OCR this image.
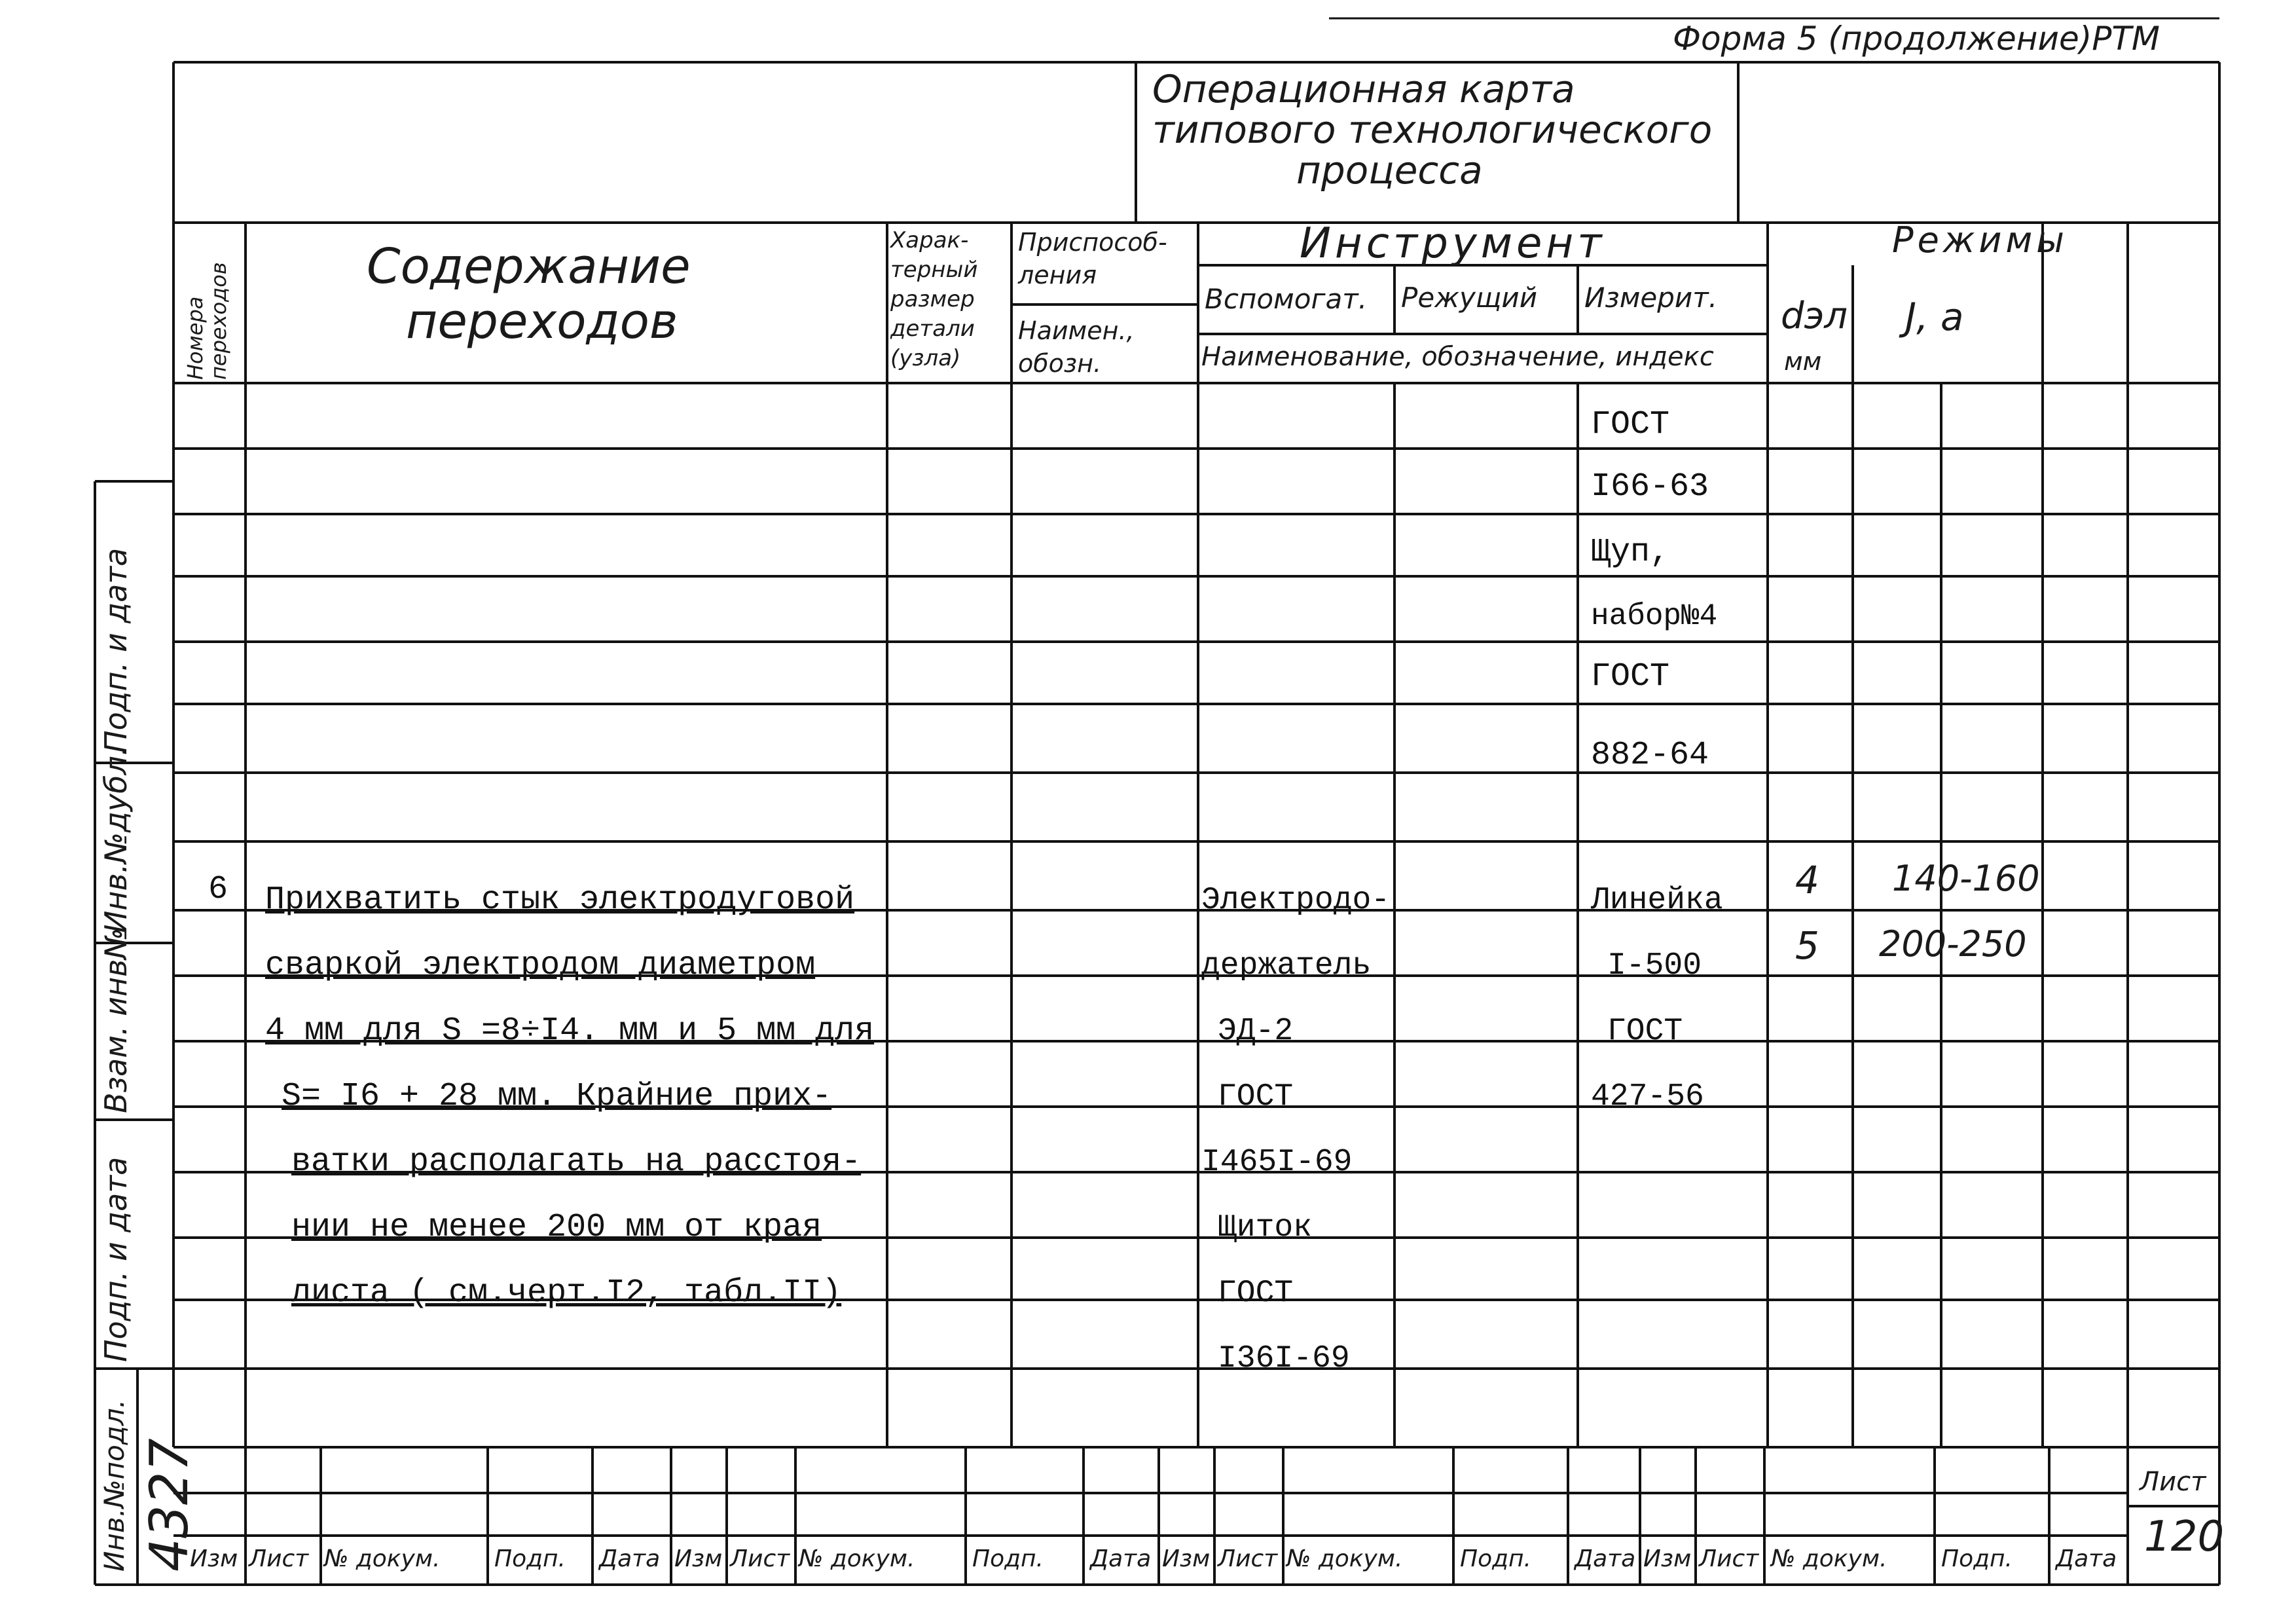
Форма 5 (продолжение)РТМ
Операционная карта
типового технологического
процесса
Номера переходов	Содержание
переходов
Харак-
терный
размер
детали
(узла)
Приспособ-
ления
Наимен.,
обозн.
Инструмент
Вспомогат. Режущий Измерит.
Наименование, обозначение, индекс
Режимы
dэл
мм
J, а
ГОСТ
I66-63
Щуп,
набор№4
ГОСТ
882-64
6 Прихватить стык электродуговой
сваркой электродом диаметром
4 мм для S =8÷I4. мм и 5 мм для
S= I6 + 28 мм. Крайние прих-
ватки располагать на расстоя-
нии не менее 200 мм от края
листа ( см.черт.I2, табл.II)
Электродо-
держатель
ЭД-2
ГОСТ
I465I-69
Щиток
ГОСТ
I36I-69
Линейка
I-500
ГОСТ
427-56
4
5
140-160
200-250
Подп. и дата
Инв.№дубл.
Взам. инв№
Подп. и дата
Инв.№подл. 4327
Изм Лист № докум. Подп. Дата Изм Лист № докум. Подп. Дата Изм Лист № докум. Подп. Дата Изм Лист № докум. Подп. Дата
Лист
120
